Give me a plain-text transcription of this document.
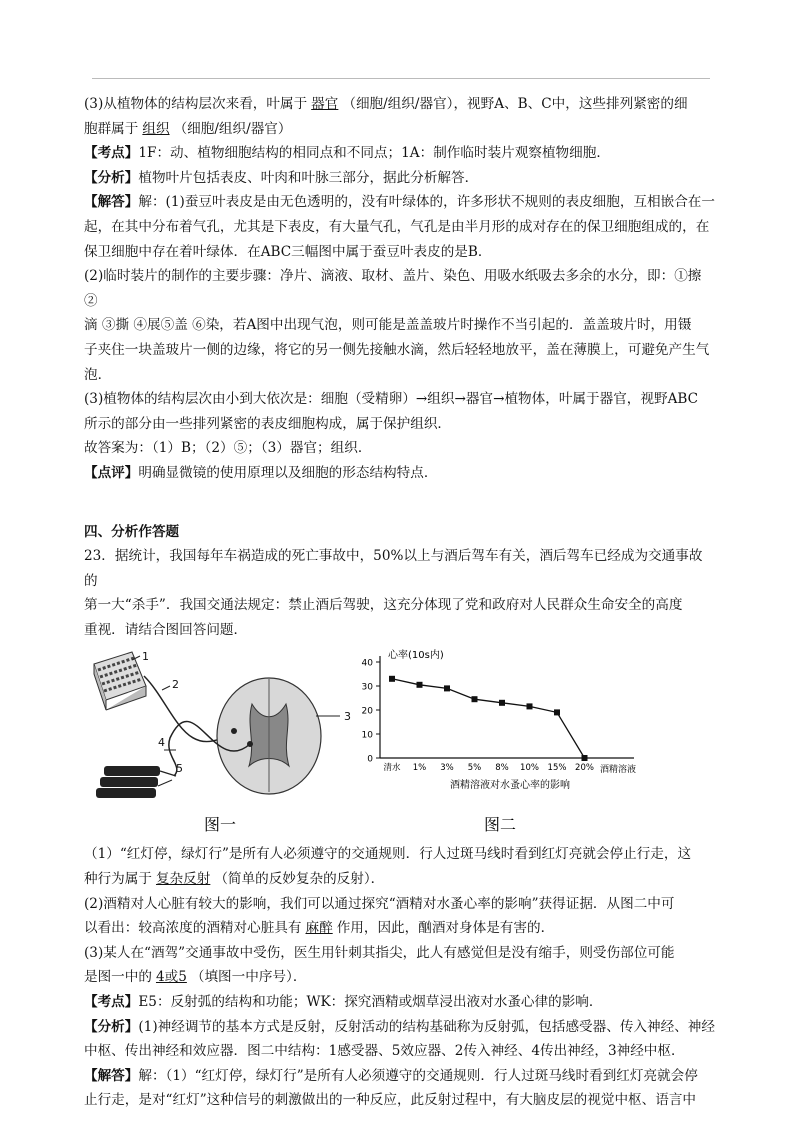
(3)从植物体的结构层次来看，叶属于 器官 （细胞/组织/器官），视野A、B、C中，这些排列紧密的细

胞群属于 组织 （细胞/组织/器官）

【考点】1F：动、植物细胞结构的相同点和不同点；1A：制作临时装片观察植物细胞．

【分析】植物叶片包括表皮、叶肉和叶脉三部分，据此分析解答．

【解答】解：(1)蚕豆叶表皮是由无色透明的，没有叶绿体的，许多形状不规则的表皮细胞，互相嵌合在一

起，在其中分布着气孔，尤其是下表皮，有大量气孔，气孔是由半月形的成对存在的保卫细胞组成的，在

保卫细胞中存在着叶绿体．在ABC三幅图中属于蚕豆叶表皮的是B．

(2)临时装片的制作的主要步骤：净片、滴液、取材、盖片、染色、用吸水纸吸去多余的水分，即：①擦 ②

滴 ③撕 ④展⑤盖 ⑥染，若A图中出现气泡，则可能是盖盖玻片时操作不当引起的．盖盖玻片时，用镊

子夹住一块盖玻片一侧的边缘，将它的另一侧先接触水滴，然后轻轻地放平，盖在薄膜上，可避免产生气

泡．

(3)植物体的结构层次由小到大依次是：细胞（受精卵）→组织→器官→植物体，叶属于器官，视野ABC

所示的部分由一些排列紧密的表皮细胞构成，属于保护组织．

故答案为：（1）B；（2）⑤；（3）器官；组织．

【点评】明确显微镜的使用原理以及细胞的形态结构特点．

四、分析作答题

23．据统计，我国每年车祸造成的死亡事故中，50%以上与酒后驾车有关，酒后驾车已经成为交通事故的

第一大“杀手”．我国交通法规定：禁止酒后驾驶，这充分体现了党和政府对人民群众生命安全的高度

重视．请结合图回答问题．

1
2
3
4
5
图一
心率(10s内)
酒精溶液
酒精溶液对水蚤心率的影响
图二
0
10
20
30
40
清水 1% 3% 5% 8% 10% 15% 20%

（1）“红灯停，绿灯行”是所有人必须遵守的交通规则．行人过斑马线时看到红灯亮就会停止行走，这

种行为属于 复杂反射 （简单的反妙复杂的反射）．

(2)酒精对人心脏有较大的影响，我们可以通过探究“酒精对水蚤心率的影响”获得证据．从图二中可

以看出：较高浓度的酒精对心脏具有 麻醉 作用，因此，酗酒对身体是有害的．

(3)某人在“酒驾”交通事故中受伤，医生用针刺其指尖，此人有感觉但是没有缩手，则受伤部位可能

是图一中的 4或5 （填图一中序号）．

【考点】E5：反射弧的结构和功能；WK：探究酒精或烟草浸出液对水蚤心律的影响．

【分析】(1)神经调节的基本方式是反射，反射活动的结构基础称为反射弧，包括感受器、传入神经、神经

中枢、传出神经和效应器．图二中结构：1感受器、5效应器、2传入神经、4传出神经，3神经中枢．

【解答】解：（1）“红灯停，绿灯行”是所有人必须遵守的交通规则．行人过斑马线时看到红灯亮就会停

止行走，是对“红灯”这种信号的刺激做出的一种反应，此反射过程中，有大脑皮层的视觉中枢、语言中
